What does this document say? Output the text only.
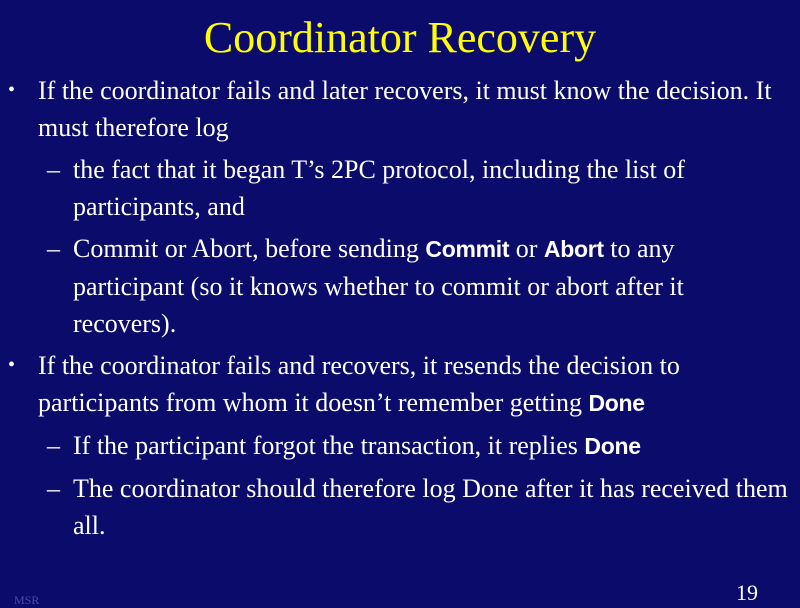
Coordinator Recovery
• If the coordinator fails and later recovers, it must know the decision. It must therefore log
– the fact that it began T’s 2PC protocol, including the list of participants, and
– Commit or Abort, before sending Commit or Abort to any participant (so it knows whether to commit or abort after it recovers).
• If the coordinator fails and recovers, it resends the decision to participants from whom it doesn’t remember getting Done
– If the participant forgot the transaction, it replies Done
– The coordinator should therefore log Done after it has received them all.
MSR	19
